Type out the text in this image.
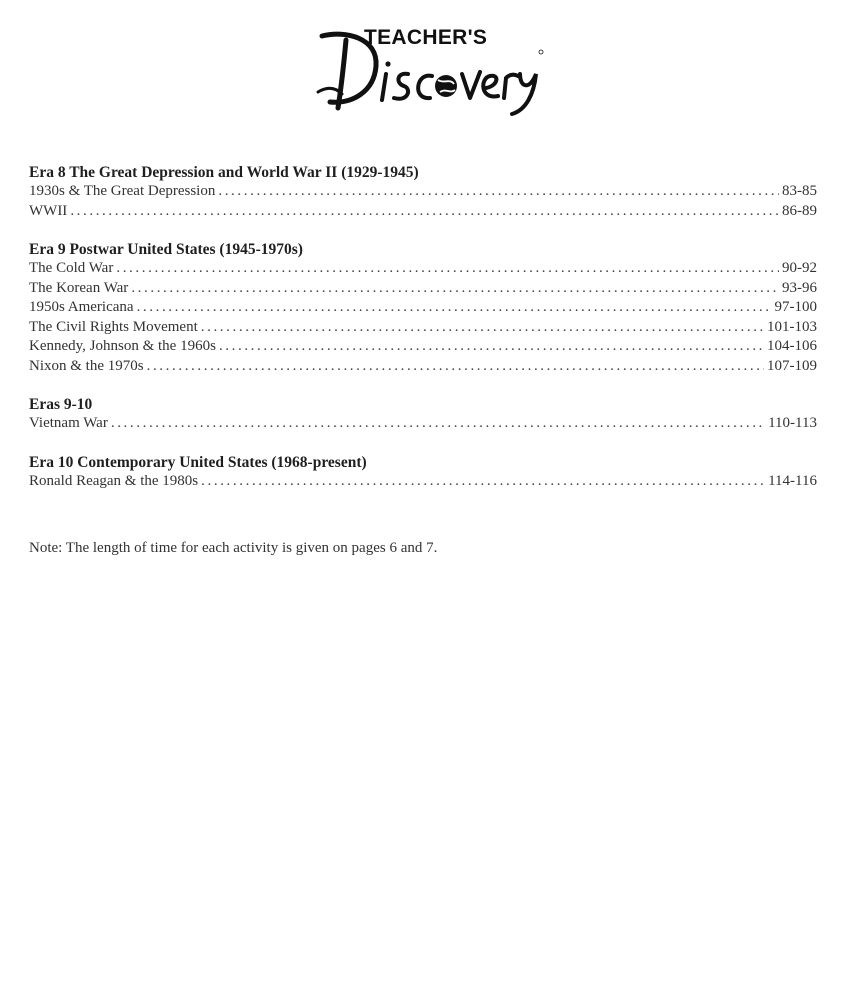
TEACHER'S
Era 8 The Great Depression and World War II (1929-1945)
1930s & The Great Depression .....	83-85
WWII .....	86-89
Era 9 Postwar United States (1945-1970s)
The Cold War .....	90-92
The Korean War .....	93-96
1950s Americana .....	97-100
The Civil Rights Movement .....	101-103
Kennedy, Johnson & the 1960s .....	104-106
Nixon & the 1970s .....	107-109
Eras 9-10
Vietnam War .....	110-113
Era 10 Contemporary United States (1968-present)
Ronald Reagan & the 1980s .....	114-116
Note: The length of time for each activity is given on pages 6 and 7.
